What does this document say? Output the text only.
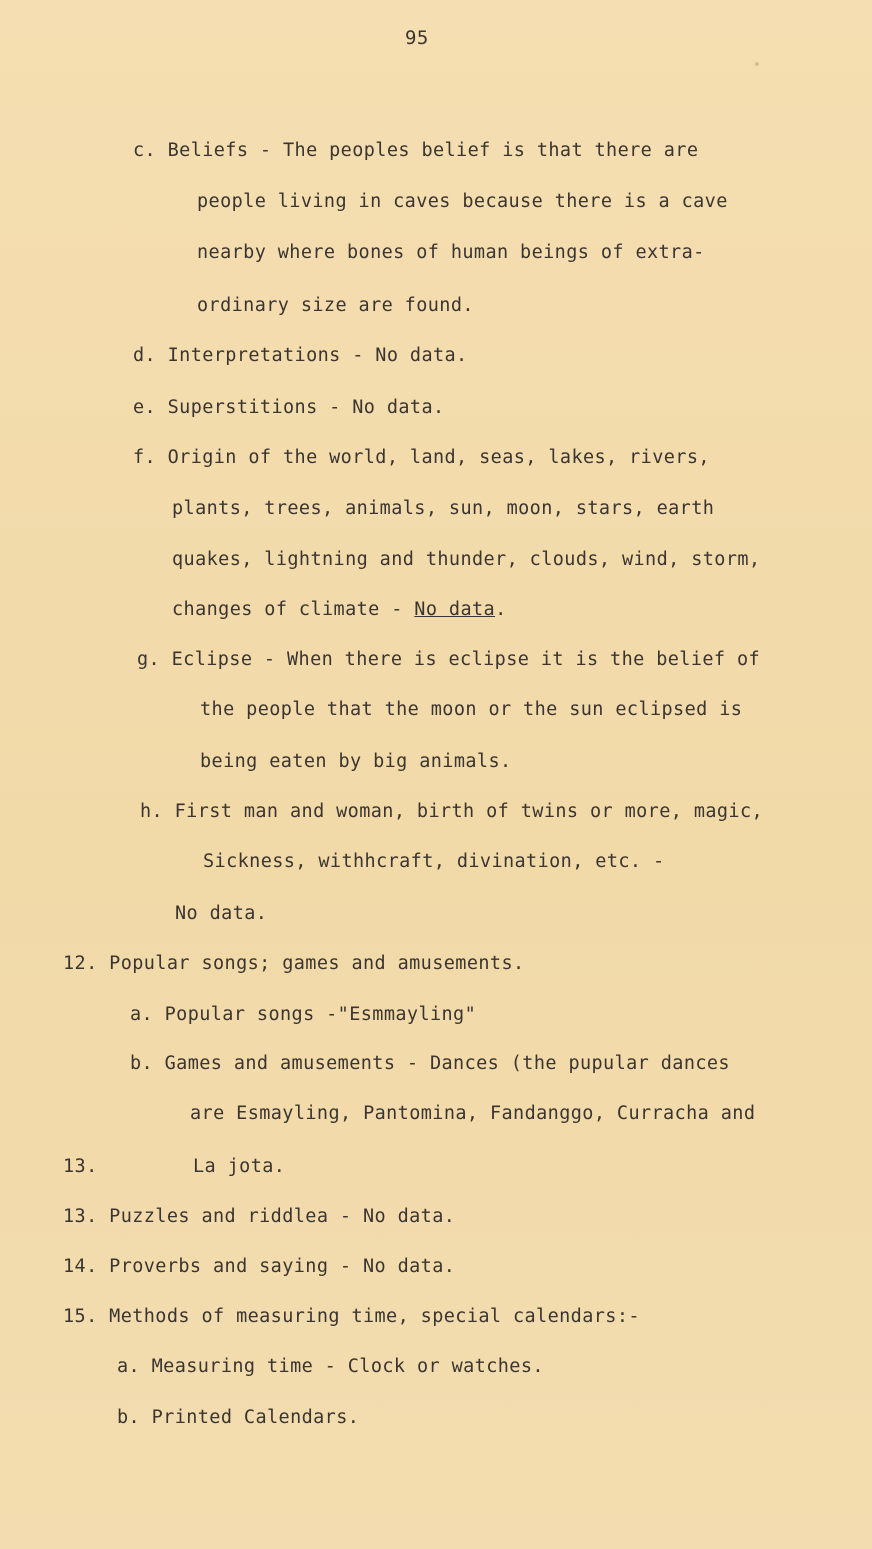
95
c. Beliefs - The peoples belief is that there are
people living in caves because there is a cave
nearby where bones of human beings of extra-
ordinary size are found.
d. Interpretations - No data.
e. Superstitions - No data.
f. Origin of the world, land, seas, lakes, rivers,
plants, trees, animals, sun, moon, stars, earth
quakes, lightning and thunder, clouds, wind, storm,
changes of climate - No data.
g. Eclipse - When there is eclipse it is the belief of
the people that the moon or the sun eclipsed is
being eaten by big animals.
h. First man and woman, birth of twins or more, magic,
Sickness, withhcraft, divination, etc. -
No data.
12. Popular songs; games and amusements.
a. Popular songs -"Esmmayling"
b. Games and amusements - Dances (the pupular dances
are Esmayling, Pantomina, Fandanggo, Curracha and
13.	La jota.
13. Puzzles and riddlea - No data.
14. Proverbs and saying - No data.
15. Methods of measuring time, special calendars:-
a. Measuring time - Clock or watches.
b. Printed Calendars.
